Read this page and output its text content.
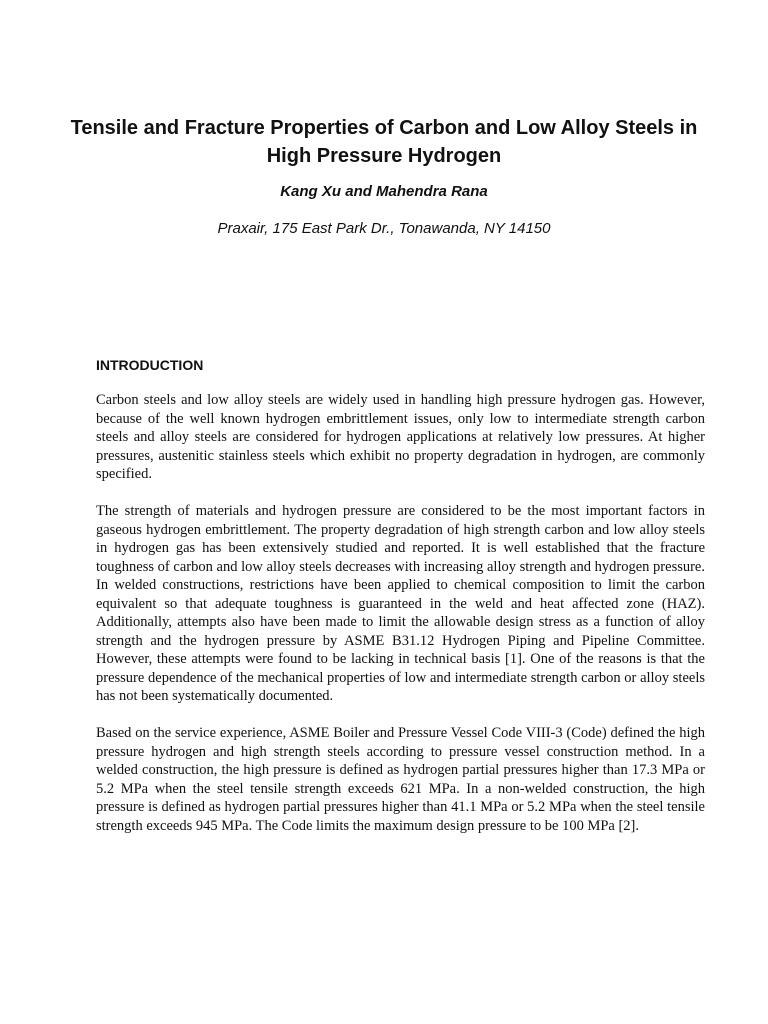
Tensile and Fracture Properties of Carbon and Low Alloy Steels in High Pressure Hydrogen
Kang Xu and Mahendra Rana
Praxair, 175 East Park Dr., Tonawanda, NY 14150
INTRODUCTION

Carbon steels and low alloy steels are widely used in handling high pressure hydrogen gas. However, because of the well known hydrogen embrittlement issues, only low to intermediate strength carbon steels and alloy steels are considered for hydrogen applications at relatively low pressures. At higher pressures, austenitic stainless steels which exhibit no property degradation in hydrogen, are commonly specified.

The strength of materials and hydrogen pressure are considered to be the most important factors in gaseous hydrogen embrittlement. The property degradation of high strength carbon and low alloy steels in hydrogen gas has been extensively studied and reported. It is well established that the fracture toughness of carbon and low alloy steels decreases with increasing alloy strength and hydrogen pressure. In welded constructions, restrictions have been applied to chemical composition to limit the carbon equivalent so that adequate toughness is guaranteed in the weld and heat affected zone (HAZ). Additionally, attempts also have been made to limit the allowable design stress as a function of alloy strength and the hydrogen pressure by ASME B31.12 Hydrogen Piping and Pipeline Committee. However, these attempts were found to be lacking in technical basis [1]. One of the reasons is that the pressure dependence of the mechanical properties of low and intermediate strength carbon or alloy steels has not been systematically documented.

Based on the service experience, ASME Boiler and Pressure Vessel Code VIII-3 (Code) defined the high pressure hydrogen and high strength steels according to pressure vessel construction method. In a welded construction, the high pressure is defined as hydrogen partial pressures higher than 17.3 MPa or 5.2 MPa when the steel tensile strength exceeds 621 MPa. In a non-welded construction, the high pressure is defined as hydrogen partial pressures higher than 41.1 MPa or 5.2 MPa when the steel tensile strength exceeds 945 MPa. The Code limits the maximum design pressure to be 100 MPa [2].
